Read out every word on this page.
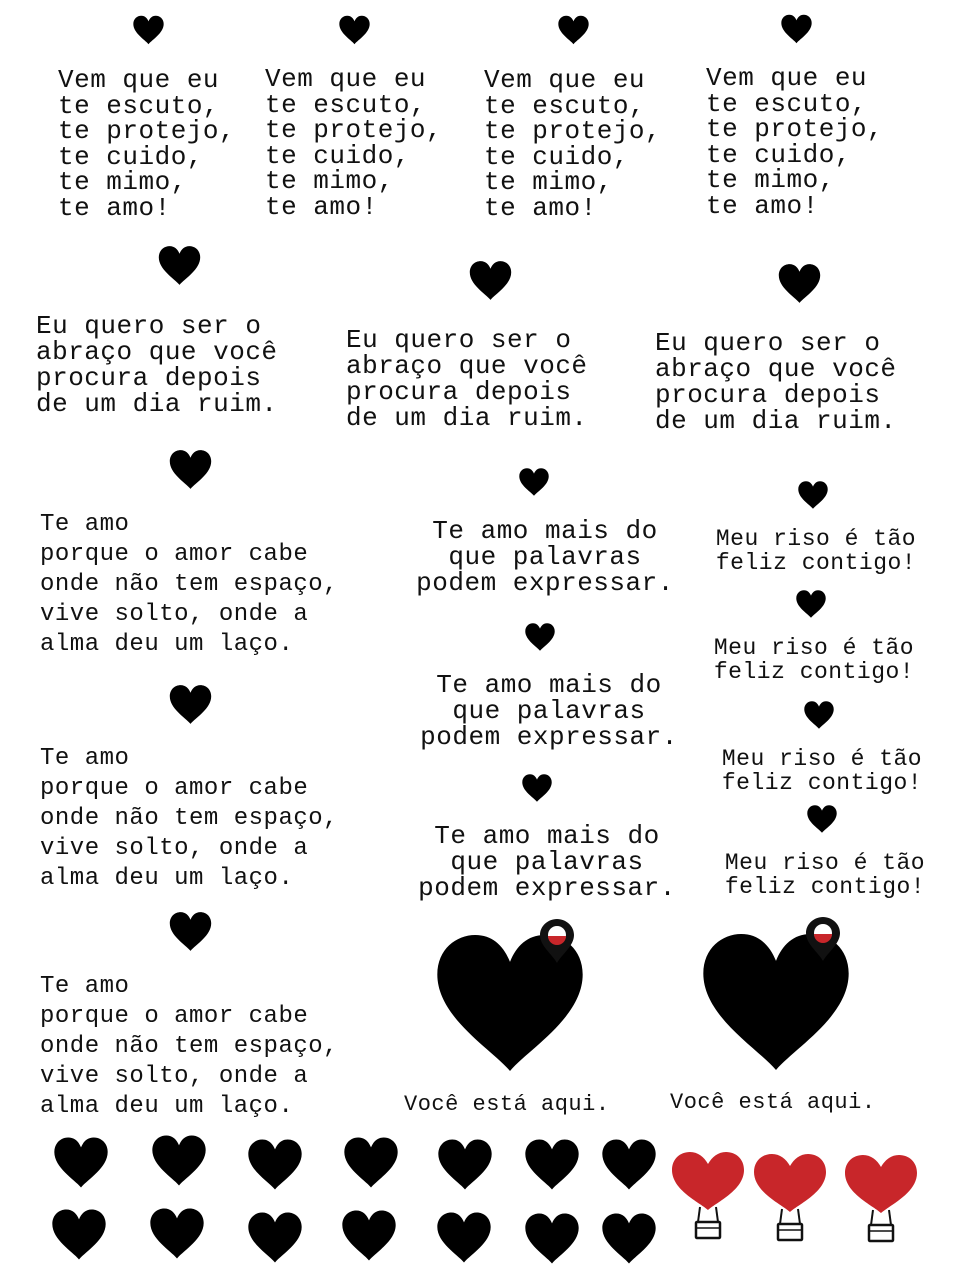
Vem que eu
te escuto,
te protejo,
te cuido,
te mimo,
te amo!
Vem que eu
te escuto,
te protejo,
te cuido,
te mimo,
te amo!
Vem que eu
te escuto,
te protejo,
te cuido,
te mimo,
te amo!
Vem que eu
te escuto,
te protejo,
te cuido,
te mimo,
te amo!
Eu quero ser o
abraço que você
procura depois
de um dia ruim.
Eu quero ser o
abraço que você
procura depois
de um dia ruim.
Eu quero ser o
abraço que você
procura depois
de um dia ruim.
Te amo
porque o amor cabe
onde não tem espaço,
vive solto, onde a
alma deu um laço.
Te amo
porque o amor cabe
onde não tem espaço,
vive solto, onde a
alma deu um laço.
Te amo
porque o amor cabe
onde não tem espaço,
vive solto, onde a
alma deu um laço.
Te amo mais do
que palavras
podem expressar.
Te amo mais do
que palavras
podem expressar.
Te amo mais do
que palavras
podem expressar.
Meu riso é tão
feliz contigo!
Meu riso é tão
feliz contigo!
Meu riso é tão
feliz contigo!
Meu riso é tão
feliz contigo!
Você está aqui.	Você está aqui.
